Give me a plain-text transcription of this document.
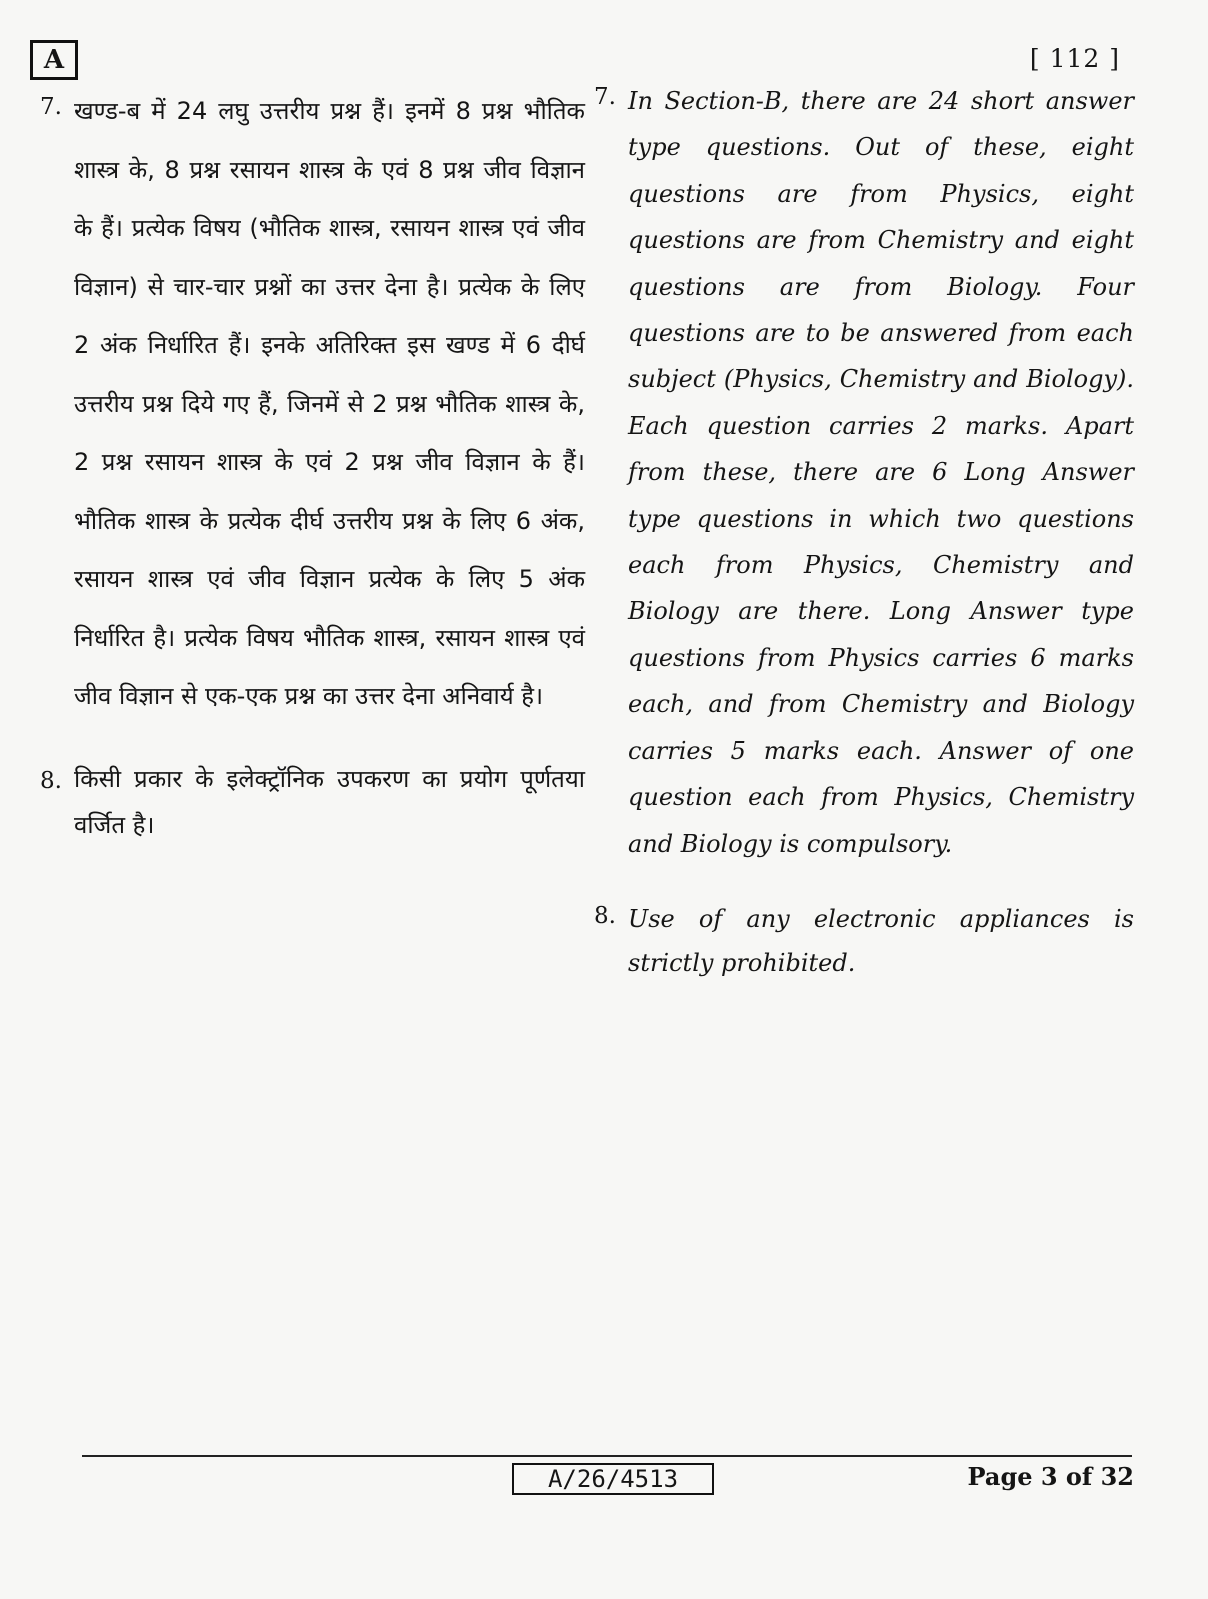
A	[ 112 ]
7. खण्ड-ब में 24 लघु उत्तरीय प्रश्न हैं। इनमें 8 प्रश्न भौतिक शास्त्र के, 8 प्रश्न रसायन शास्त्र के एवं 8 प्रश्न जीव विज्ञान के हैं। प्रत्येक विषय (भौतिक शास्त्र, रसायन शास्त्र एवं जीव विज्ञान) से चार-चार प्रश्नों का उत्तर देना है। प्रत्येक के लिए 2 अंक निर्धारित हैं। इनके अतिरिक्त इस खण्ड में 6 दीर्घ उत्तरीय प्रश्न दिये गए हैं, जिनमें से 2 प्रश्न भौतिक शास्त्र के, 2 प्रश्न रसायन शास्त्र के एवं 2 प्रश्न जीव विज्ञान के हैं। भौतिक शास्त्र के प्रत्येक दीर्घ उत्तरीय प्रश्न के लिए 6 अंक, रसायन शास्त्र एवं जीव विज्ञान प्रत्येक के लिए 5 अंक निर्धारित है। प्रत्येक विषय भौतिक शास्त्र, रसायन शास्त्र एवं जीव विज्ञान से एक-एक प्रश्न का उत्तर देना अनिवार्य है।
8. किसी प्रकार के इलेक्ट्रॉनिक उपकरण का प्रयोग पूर्णतया वर्जित है।
7. In Section-B, there are 24 short answer type questions. Out of these, eight questions are from Physics, eight questions are from Chemistry and eight questions are from Biology. Four questions are to be answered from each subject (Physics, Chemistry and Biology). Each question carries 2 marks. Apart from these, there are 6 Long Answer type questions in which two questions each from Physics, Chemistry and Biology are there. Long Answer type questions from Physics carries 6 marks each, and from Chemistry and Biology carries 5 marks each. Answer of one question each from Physics, Chemistry and Biology is compulsory.
8. Use of any electronic appliances is strictly prohibited.
A/26/4513	Page 3 of 32
